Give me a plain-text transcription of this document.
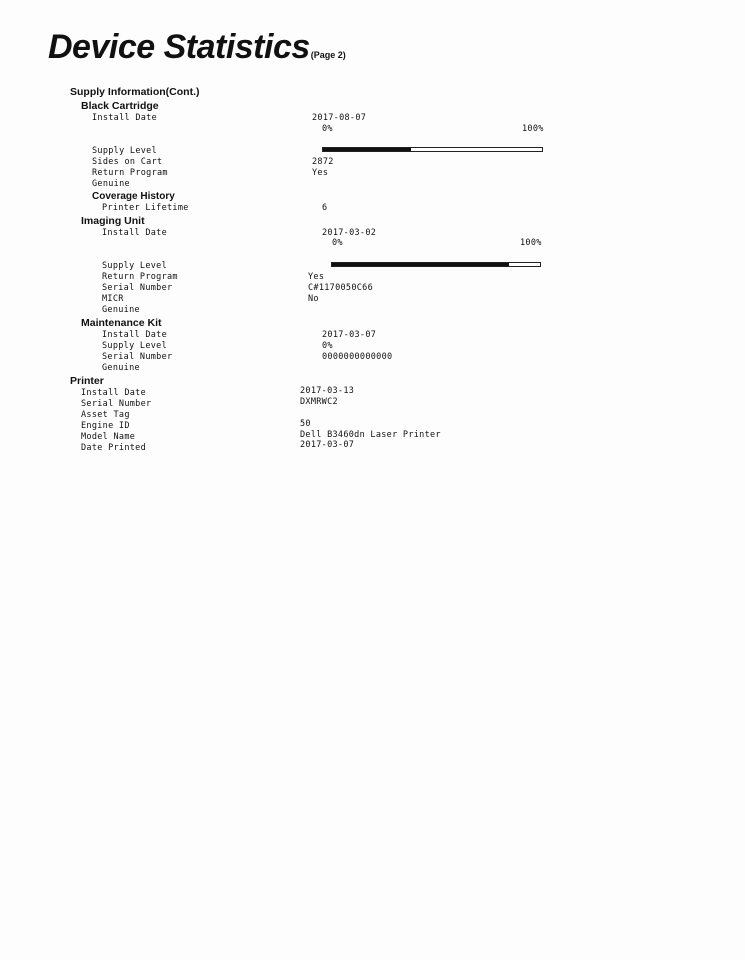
Device Statistics(Page 2)
Supply Information(Cont.)
Black Cartridge
Install Date	2017-08-07
0%	100%
Supply Level
Sides on Cart	2872
Return Program	Yes
Genuine
Coverage History
Printer Lifetime	6
Imaging Unit
Install Date	2017-03-02
0%	100%
Supply Level
Return Program	Yes
Serial Number	C#1170050C66
MICR	No
Genuine
Maintenance Kit
Install Date	2017-03-07
Supply Level	0%
Serial Number	0000000000000
Genuine
Printer
Install Date	2017-03-13
Serial Number	DXMRWC2
Asset Tag
Engine ID	50
Model Name	Dell B3460dn Laser Printer
Date Printed	2017-03-07
